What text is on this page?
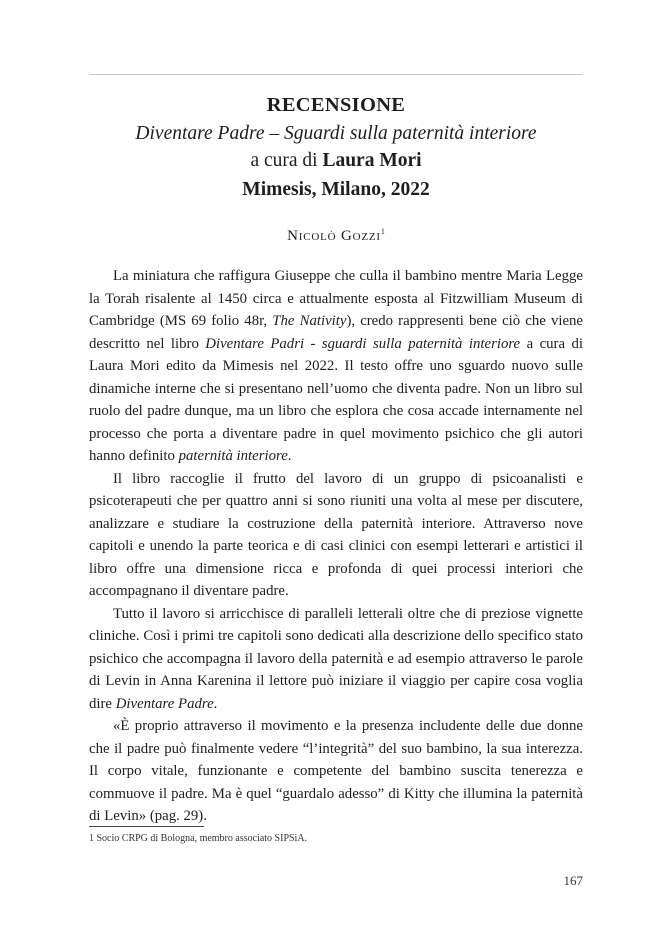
RECENSIONE
Diventare Padre – Sguardi sulla paternità interiore
a cura di Laura Mori
Mimesis, Milano, 2022
Nicolò Gozzi$^1$

La miniatura che raffigura Giuseppe che culla il bambino mentre Maria Legge la Torah risalente al 1450 circa e attualmente esposta al Fitzwilliam Museum di Cambridge (MS 69 folio 48r, The Nativity), credo rappresenti bene ciò che viene descritto nel libro Diventare Padri - sguardi sulla paternità interiore a cura di Laura Mori edito da Mimesis nel 2022. Il testo offre uno sguardo nuovo sulle dinamiche interne che si presentano nell’uomo che diventa padre. Non un libro sul ruolo del padre dunque, ma un libro che esplora che cosa accade internamente nel processo che porta a diventare padre in quel movimento psichico che gli autori hanno definito paternità interiore.

Il libro raccoglie il frutto del lavoro di un gruppo di psicoanalisti e psicoterapeuti che per quattro anni si sono riuniti una volta al mese per discutere, analizzare e studiare la costruzione della paternità interiore. Attraverso nove capitoli e unendo la parte teorica e di casi clinici con esempi letterari e artistici il libro offre una dimensione ricca e profonda di quei processi interiori che accompagnano il diventare padre.

Tutto il lavoro si arricchisce di paralleli letterali oltre che di preziose vignette cliniche. Così i primi tre capitoli sono dedicati alla descrizione dello specifico stato psichico che accompagna il lavoro della paternità e ad esempio attraverso le parole di Levin in Anna Karenina il lettore può iniziare il viaggio per capire cosa voglia dire Diventare Padre.

«È proprio attraverso il movimento e la presenza includente delle due donne che il padre può finalmente vedere “l’integrità” del suo bambino, la sua interezza. Il corpo vitale, funzionante e competente del bambino suscita tenerezza e commuove il padre. Ma è quel “guardalo adesso” di Kitty che illumina la paternità di Levin» (pag. 29).

1 Socio CRPG di Bologna, membro associato SIPSiA.
167
